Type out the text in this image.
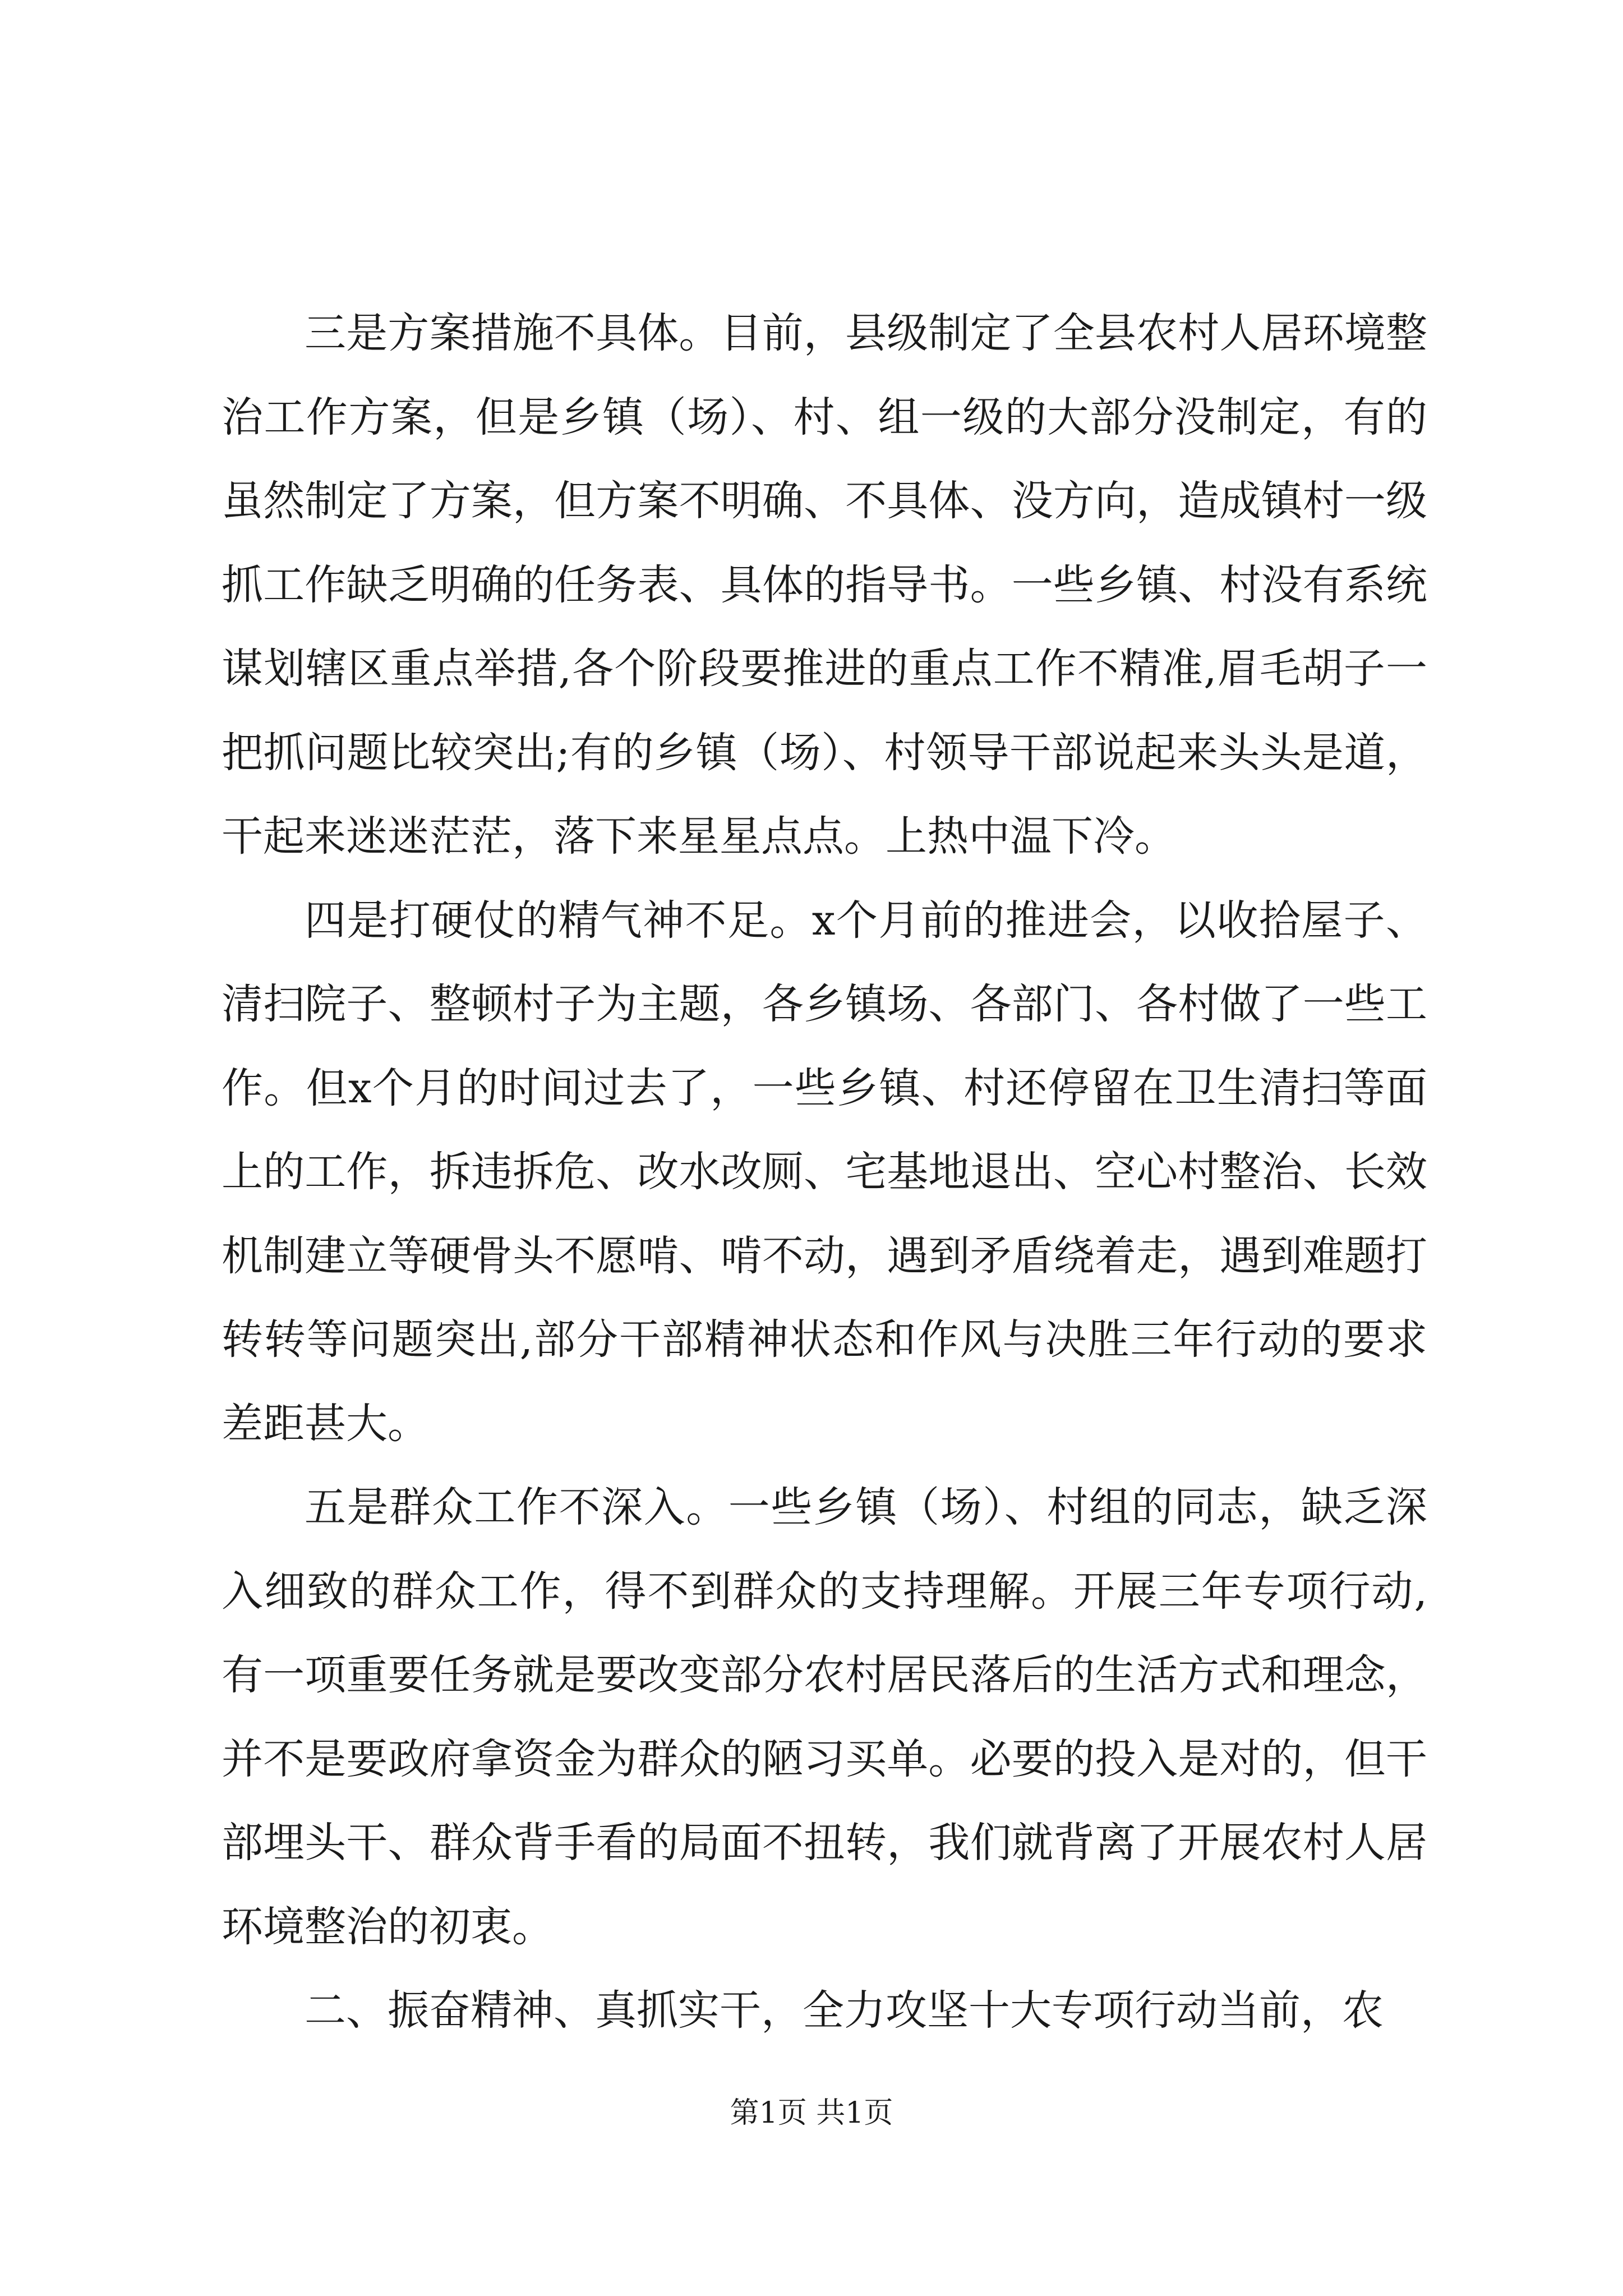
三是方案措施不具体。目前，县级制定了全县农村人居环境整治工作方案，但是乡镇（场）、村、组一级的大部分没制定，有的虽然制定了方案，但方案不明确、不具体、没方向，造成镇村一级抓工作缺乏明确的任务表、具体的指导书。一些乡镇、村没有系统谋划辖区重点举措,各个阶段要推进的重点工作不精准,眉毛胡子一把抓问题比较突出;有的乡镇（场）、村领导干部说起来头头是道，干起来迷迷茫茫，落下来星星点点。上热中温下冷。

四是打硬仗的精气神不足。x个月前的推进会，以收拾屋子、清扫院子、整顿村子为主题，各乡镇场、各部门、各村做了一些工作。但x个月的时间过去了，一些乡镇、村还停留在卫生清扫等面上的工作，拆违拆危、改水改厕、宅基地退出、空心村整治、长效机制建立等硬骨头不愿啃、啃不动，遇到矛盾绕着走，遇到难题打转转等问题突出,部分干部精神状态和作风与决胜三年行动的要求差距甚大。

五是群众工作不深入。一些乡镇（场）、村组的同志，缺乏深入细致的群众工作，得不到群众的支持理解。开展三年专项行动,有一项重要任务就是要改变部分农村居民落后的生活方式和理念，并不是要政府拿资金为群众的陋习买单。必要的投入是对的，但干部埋头干、群众背手看的局面不扭转，我们就背离了开展农村人居环境整治的初衷。

二、振奋精神、真抓实干，全力攻坚十大专项行动当前，农

第1页 共1页
